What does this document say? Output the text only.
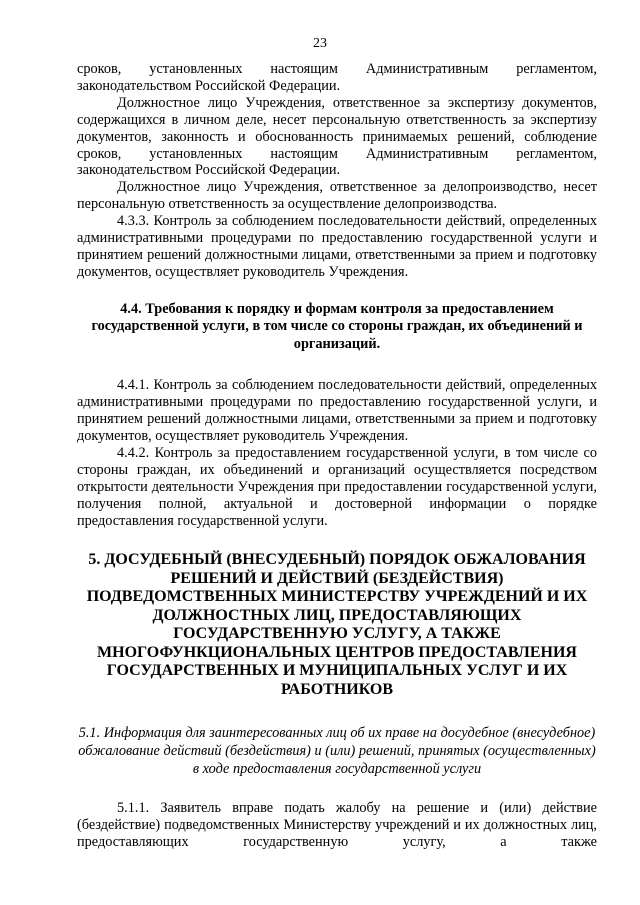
23

сроков, установленных настоящим Административным регламентом, законодательством Российской Федерации.

Должностное лицо Учреждения, ответственное за экспертизу документов, содержащихся в личном деле, несет персональную ответственность за экспертизу документов, законность и обоснованность принимаемых решений, соблюдение сроков, установленных настоящим Административным регламентом, законодательством Российской Федерации.

Должностное лицо Учреждения, ответственное за делопроизводство, несет персональную ответственность за осуществление делопроизводства.

4.3.3. Контроль за соблюдением последовательности действий, определенных административными процедурами по предоставлению государственной услуги и принятием решений должностными лицами, ответственными за прием и подготовку документов, осуществляет руководитель Учреждения.

4.4. Требования к порядку и формам контроля за предоставлением государственной услуги, в том числе со стороны граждан, их объединений и организаций.

4.4.1. Контроль за соблюдением последовательности действий, определенных административными процедурами по предоставлению государственной услуги, и принятием решений должностными лицами, ответственными за прием и подготовку документов, осуществляет руководитель Учреждения.

4.4.2. Контроль за предоставлением государственной услуги, в том числе со стороны граждан, их объединений и организаций осуществляется посредством открытости деятельности Учреждения при предоставлении государственной услуги, получения полной, актуальной и достоверной информации о порядке предоставления государственной услуги.

5. ДОСУДЕБНЫЙ (ВНЕСУДЕБНЫЙ) ПОРЯДОК ОБЖАЛОВАНИЯ РЕШЕНИЙ И ДЕЙСТВИЙ (БЕЗДЕЙСТВИЯ) ПОДВЕДОМСТВЕННЫХ МИНИСТЕРСТВУ УЧРЕЖДЕНИЙ И ИХ ДОЛЖНОСТНЫХ ЛИЦ, ПРЕДОСТАВЛЯЮЩИХ ГОСУДАРСТВЕННУЮ УСЛУГУ, А ТАКЖЕ МНОГОФУНКЦИОНАЛЬНЫХ ЦЕНТРОВ ПРЕДОСТАВЛЕНИЯ ГОСУДАРСТВЕННЫХ И МУНИЦИПАЛЬНЫХ УСЛУГ И ИХ РАБОТНИКОВ
5.1. Информация для заинтересованных лиц об их праве на досудебное (внесудебное) обжалование действий (бездействия) и (или) решений, принятых (осуществленных) в ходе предоставления государственной услуги

5.1.1. Заявитель вправе подать жалобу на решение и (или) действие (бездействие) подведомственных Министерству учреждений и их должностных лиц, предоставляющих государственную услугу, а также
